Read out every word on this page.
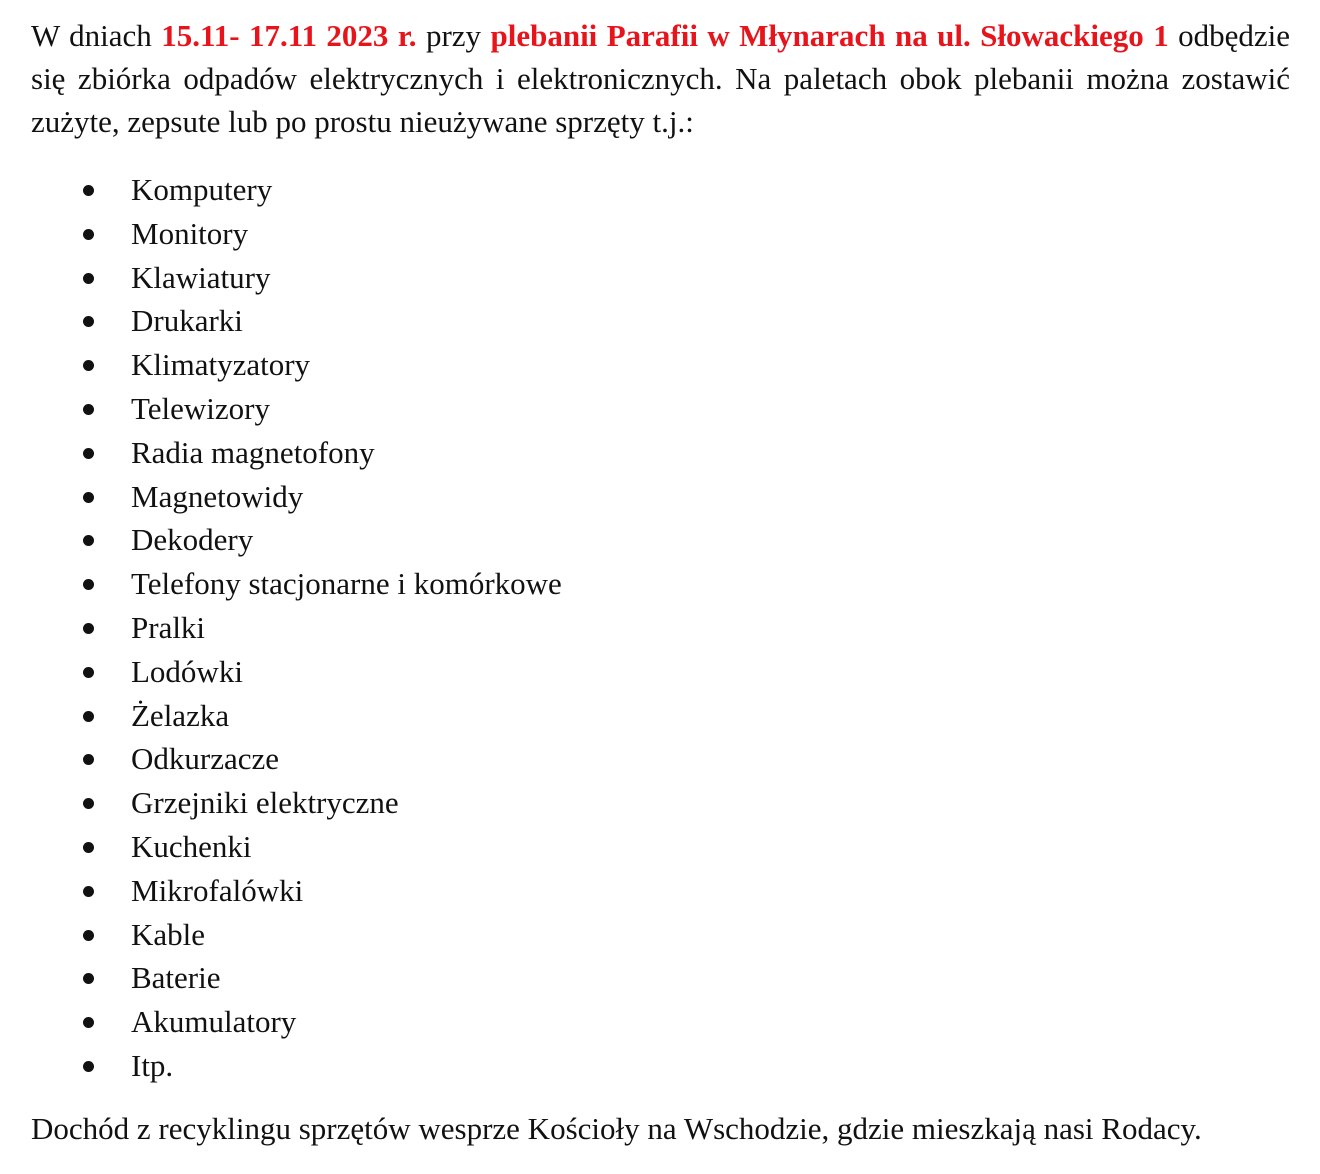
W dniach 15.11- 17.11 2023 r. przy plebanii Parafii w Młynarach na ul. Słowackiego 1 odbędzie się zbiórka odpadów elektrycznych i elektronicznych. Na paletach obok plebanii można zostawić zużyte, zepsute lub po prostu nieużywane sprzęty t.j.:

Komputery
Monitory
Klawiatury
Drukarki
Klimatyzatory
Telewizory
Radia magnetofony
Magnetowidy
Dekodery
Telefony stacjonarne i komórkowe
Pralki
Lodówki
Żelazka
Odkurzacze
Grzejniki elektryczne
Kuchenki
Mikrofalówki
Kable
Baterie
Akumulatory
Itp.

Dochód z recyklingu sprzętów wesprze Kościoły na Wschodzie, gdzie mieszkają nasi Rodacy.
